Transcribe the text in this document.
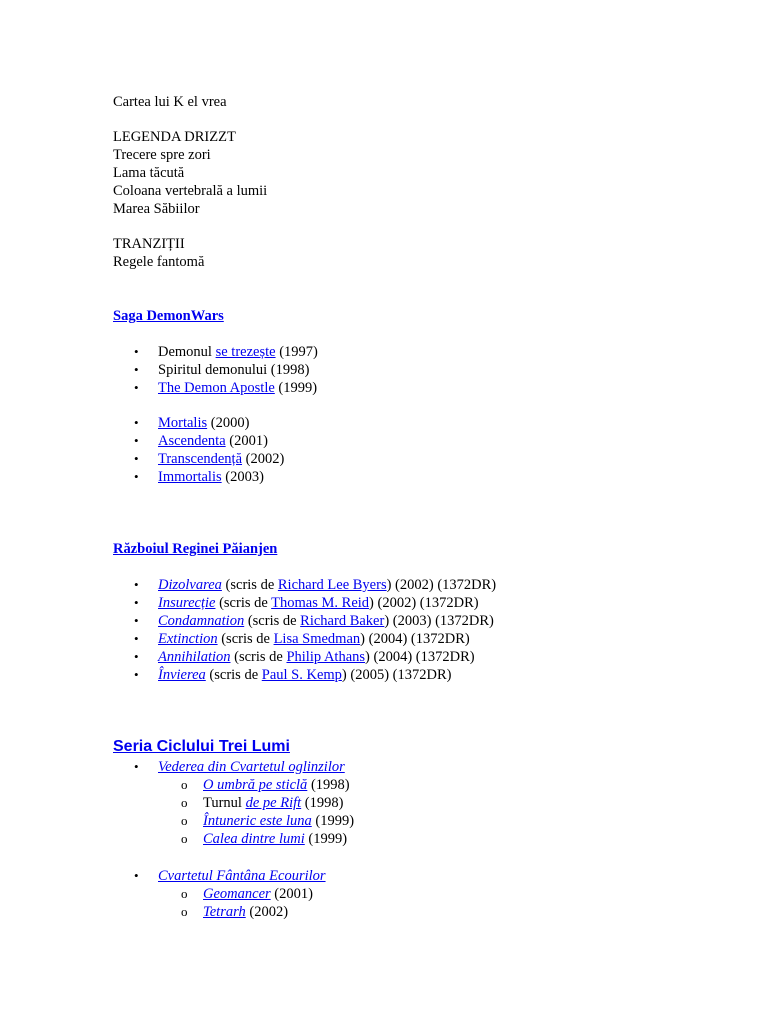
Cartea lui K el vrea
LEGENDA DRIZZT
Trecere spre zori
Lama tăcută
Coloana vertebrală a lumii
Marea Săbiilor
TRANZIȚII
Regele fantomă
Saga DemonWars
• Demonul se trezește (1997)
• Spiritul demonului (1998)
• The Demon Apostle (1999)
• Mortalis (2000)
• Ascendenta (2001)
• Transcendență (2002)
• Immortalis (2003)
Războiul Reginei Păianjen
• Dizolvarea (scris de Richard Lee Byers) (2002) (1372DR)
• Insurecție (scris de Thomas M. Reid) (2002) (1372DR)
• Condamnation (scris de Richard Baker) (2003) (1372DR)
• Extinction (scris de Lisa Smedman) (2004) (1372DR)
• Annihilation (scris de Philip Athans) (2004) (1372DR)
• Învierea (scris de Paul S. Kemp) (2005) (1372DR)
Seria Ciclului Trei Lumi
• Vederea din Cvartetul oglinzilor
o O umbră pe sticlă (1998)
o Turnul de pe Rift (1998)
o Întuneric este luna (1999)
o Calea dintre lumi (1999)
• Cvartetul Fântâna Ecourilor
o Geomancer (2001)
o Tetrarh (2002)
